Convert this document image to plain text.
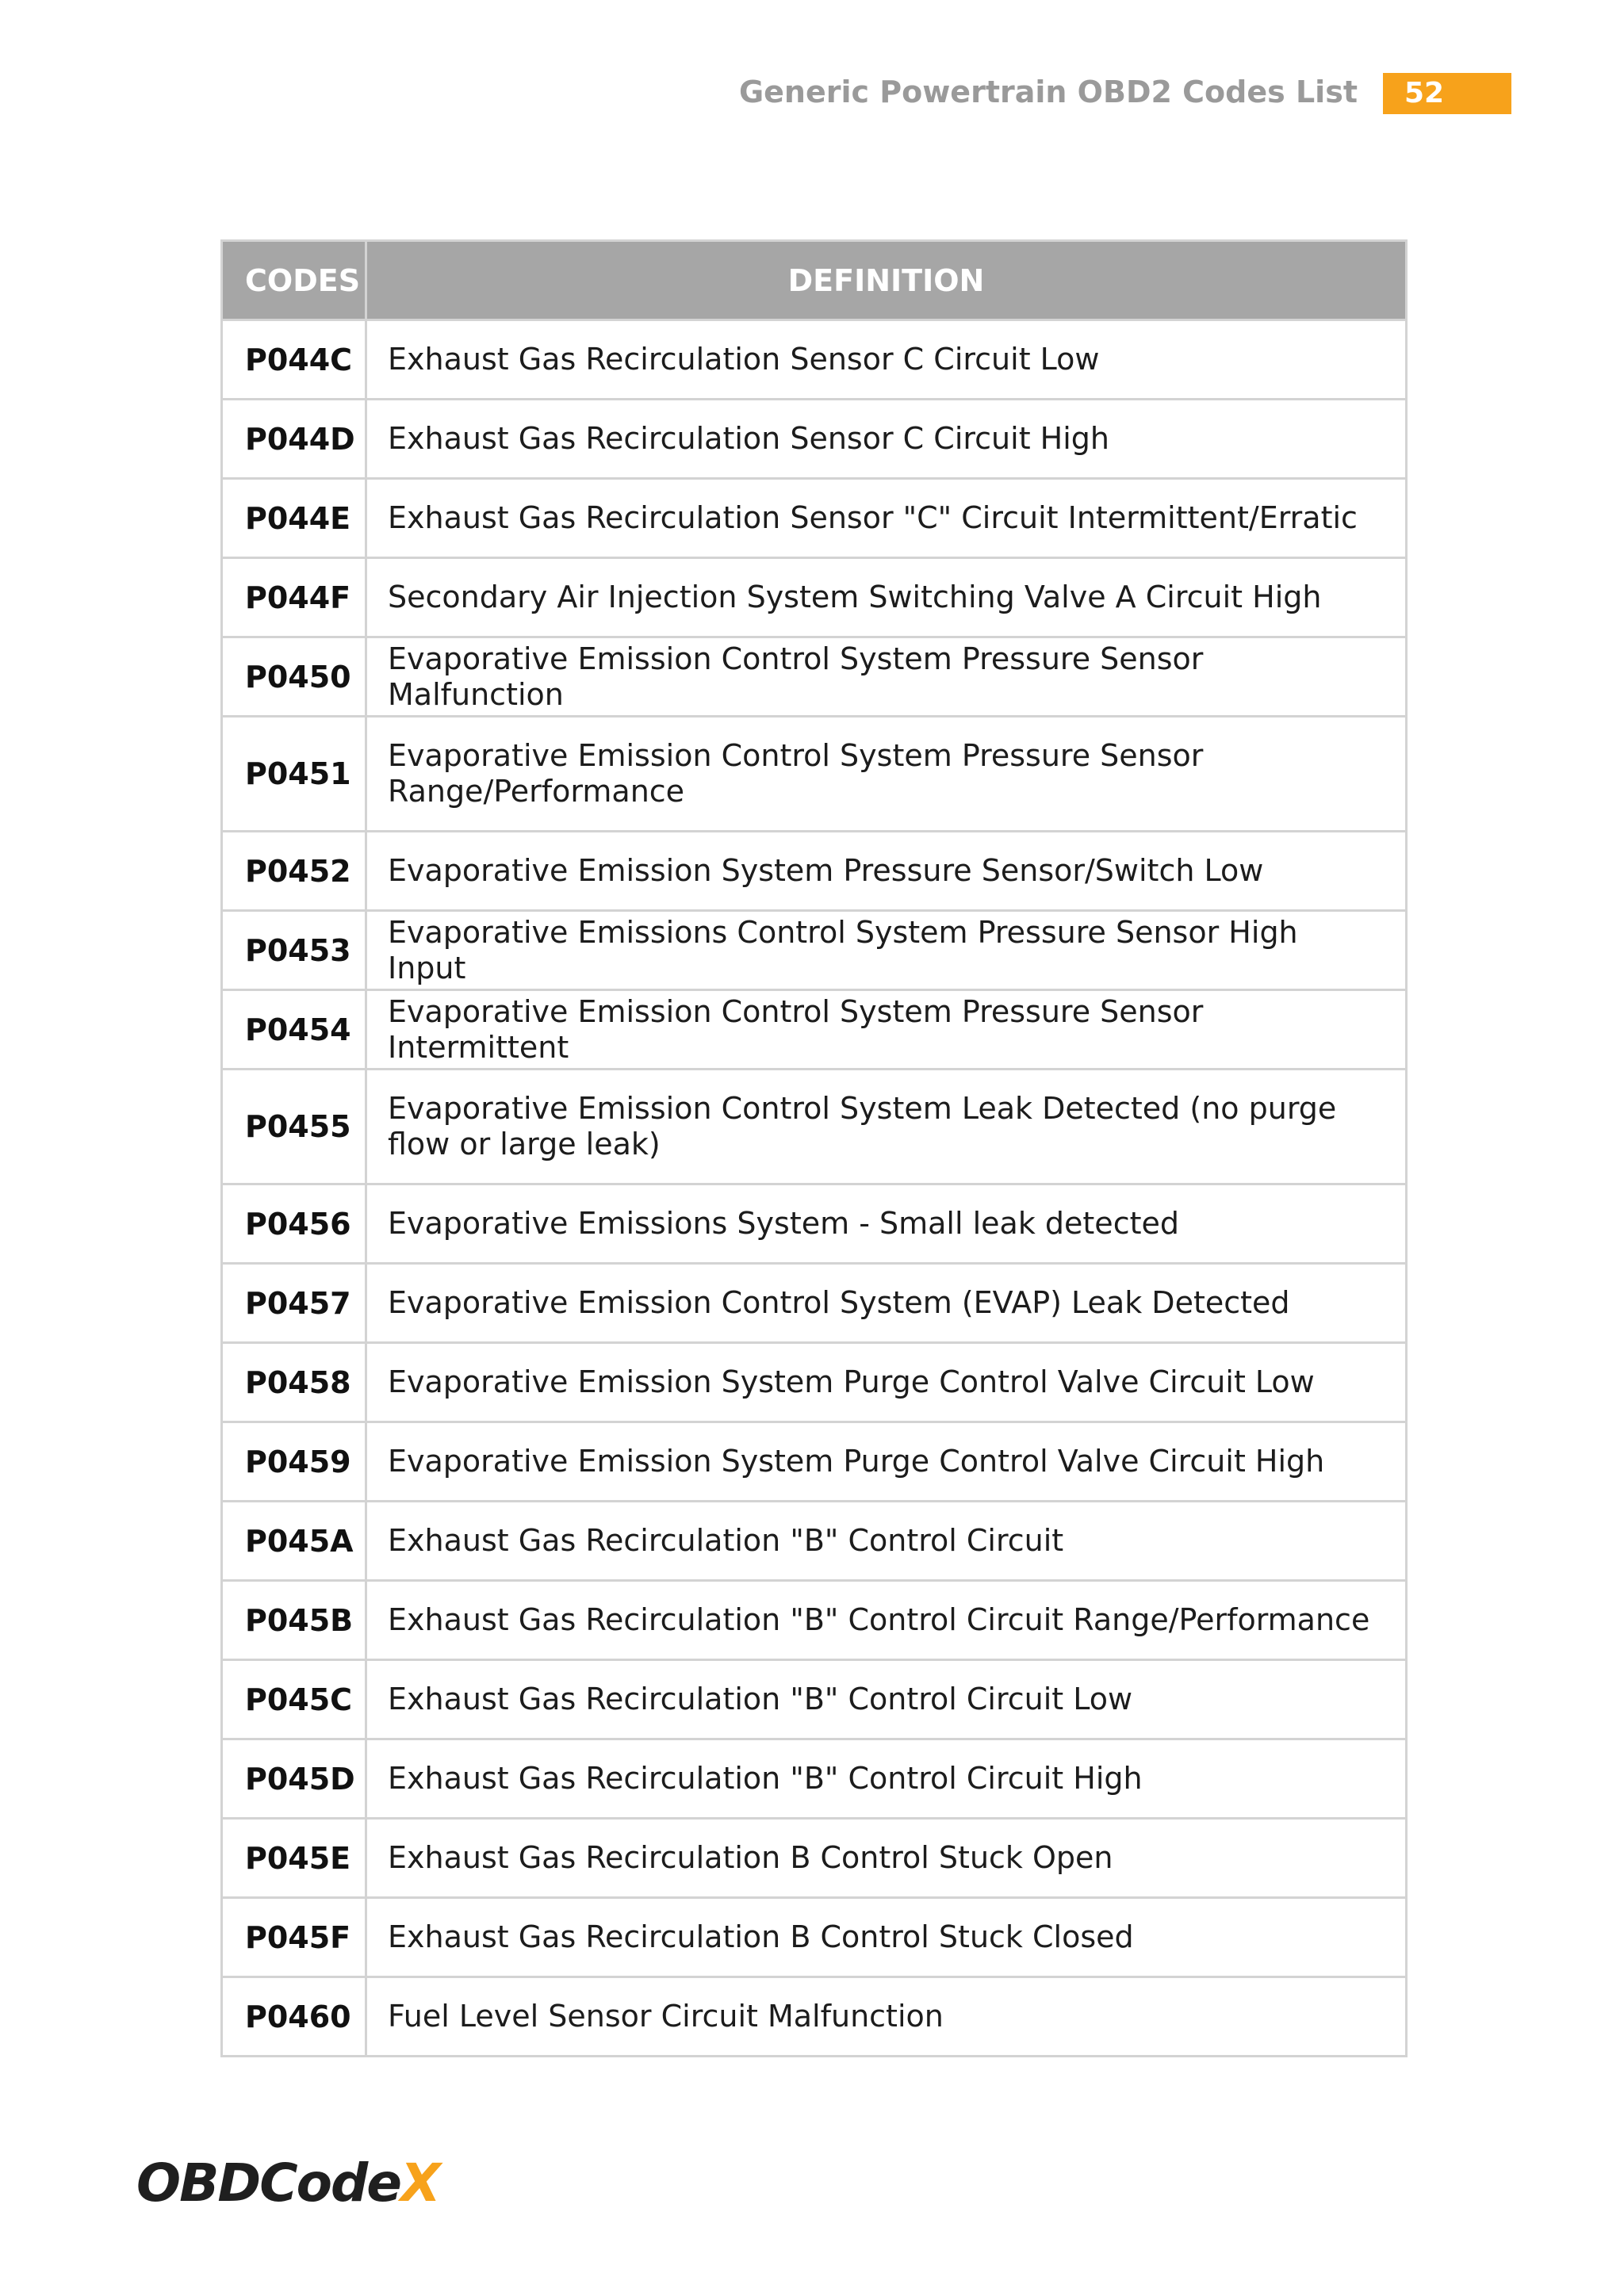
Generic Powertrain OBD2 Codes List	52
CODES	DEFINITION
P044C	Exhaust Gas Recirculation Sensor C Circuit Low
P044D	Exhaust Gas Recirculation Sensor C Circuit High
P044E	Exhaust Gas Recirculation Sensor "C" Circuit Intermittent/Erratic
P044F	Secondary Air Injection System Switching Valve A Circuit High
P0450	Evaporative Emission Control System Pressure Sensor Malfunction
P0451	Evaporative Emission Control System Pressure Sensor Range/Performance
P0452	Evaporative Emission System Pressure Sensor/Switch Low
P0453	Evaporative Emissions Control System Pressure Sensor High Input
P0454	Evaporative Emission Control System Pressure Sensor Intermittent
P0455	Evaporative Emission Control System Leak Detected (no purge flow or large leak)
P0456	Evaporative Emissions System - Small leak detected
P0457	Evaporative Emission Control System (EVAP) Leak Detected
P0458	Evaporative Emission System Purge Control Valve Circuit Low
P0459	Evaporative Emission System Purge Control Valve Circuit High
P045A	Exhaust Gas Recirculation "B" Control Circuit
P045B	Exhaust Gas Recirculation "B" Control Circuit Range/Performance
P045C	Exhaust Gas Recirculation "B" Control Circuit Low
P045D	Exhaust Gas Recirculation "B" Control Circuit High
P045E	Exhaust Gas Recirculation B Control Stuck Open
P045F	Exhaust Gas Recirculation B Control Stuck Closed
P0460	Fuel Level Sensor Circuit Malfunction
OBDCodeX
